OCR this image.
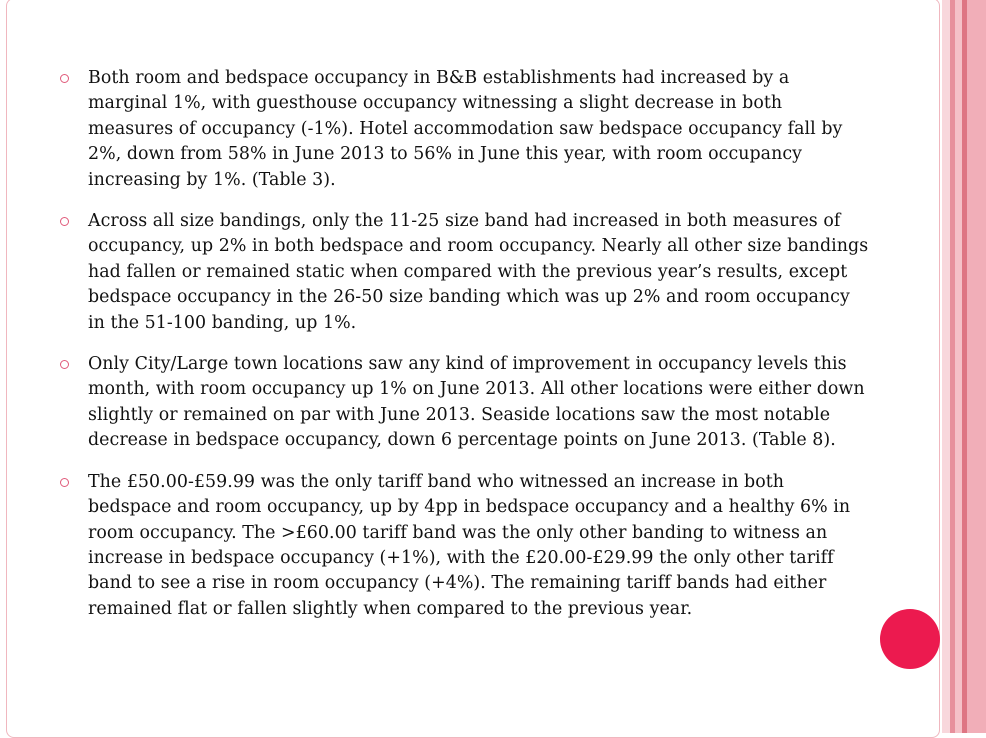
Both room and bedspace occupancy in B&B establishments had increased by a marginal 1%, with guesthouse occupancy witnessing a slight decrease in both measures of occupancy (-1%). Hotel accommodation saw bedspace occupancy fall by 2%, down from 58% in June 2013 to 56% in June this year, with room occupancy increasing by 1%. (Table 3).

Across all size bandings, only the 11-25 size band had increased in both measures of occupancy, up 2% in both bedspace and room occupancy. Nearly all other size bandings had fallen or remained static when compared with the previous year’s results, except bedspace occupancy in the 26-50 size banding which was up 2% and room occupancy in the 51-100 banding, up 1%.

Only City/Large town locations saw any kind of improvement in occupancy levels this month, with room occupancy up 1% on June 2013. All other locations were either down slightly or remained on par with June 2013. Seaside locations saw the most notable decrease in bedspace occupancy, down 6 percentage points on June 2013. (Table 8).

The £50.00-£59.99 was the only tariff band who witnessed an increase in both bedspace and room occupancy, up by 4pp in bedspace occupancy and a healthy 6% in room occupancy. The >£60.00 tariff band was the only other banding to witness an increase in bedspace occupancy (+1%), with the £20.00-£29.99 the only other tariff band to see a rise in room occupancy (+4%). The remaining tariff bands had either remained flat or fallen slightly when compared to the previous year.
